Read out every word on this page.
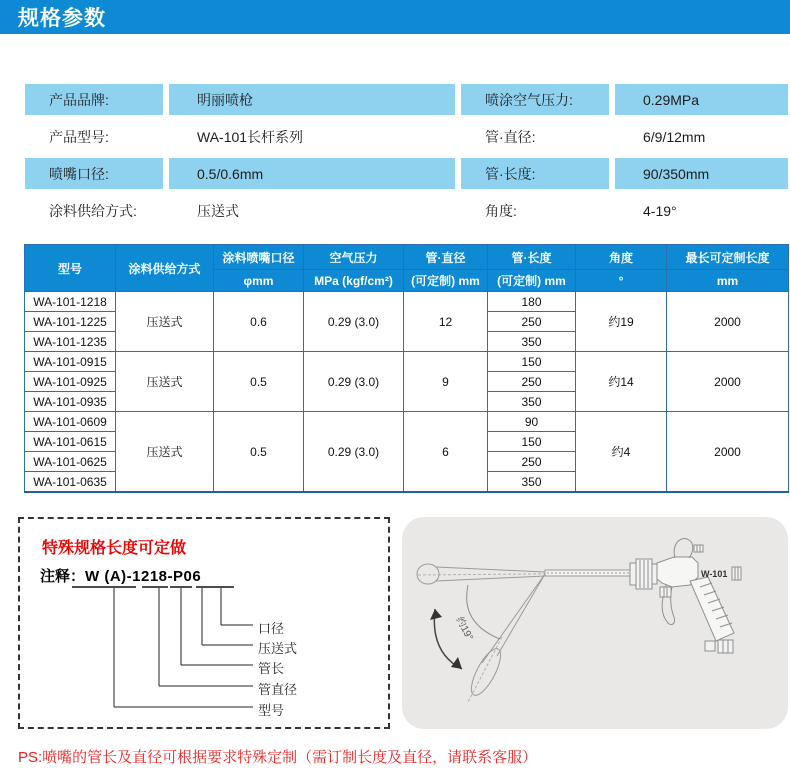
规格参数
产品品牌:	明丽喷枪	喷涂空气压力:	0.29MPa
产品型号:	WA-101长杆系列	管·直径:	6/9/12mm
喷嘴口径:	0.5/0.6mm	管·长度:	90/350mm
涂料供给方式:	压送式	角度:	4-19°
型号	涂料供给方式	涂料喷嘴口径	空气压力	管·直径	管·长度	角度	最长可定制长度
		φmm	MPa (kgf/cm²)	(可定制) mm	(可定制) mm	°	mm
WA-101-1218	压送式	0.6	0.29 (3.0)	12	180	约19	2000
WA-101-1225					250		
WA-101-1235					350		
WA-101-0915	压送式	0.5	0.29 (3.0)	9	150	约14	2000
WA-101-0925					250		
WA-101-0935					350		
WA-101-0609	压送式	0.5	0.29 (3.0)	6	90	约4	2000
WA-101-0615					150		
WA-101-0625					250		
WA-101-0635					350		
特殊规格长度可定做
注释：W (A)-1218-P06
口径
压送式
管长
管直径
型号
约19°
W-101
PS:喷嘴的管长及直径可根据要求特殊定制（需订制长度及直径，请联系客服）
